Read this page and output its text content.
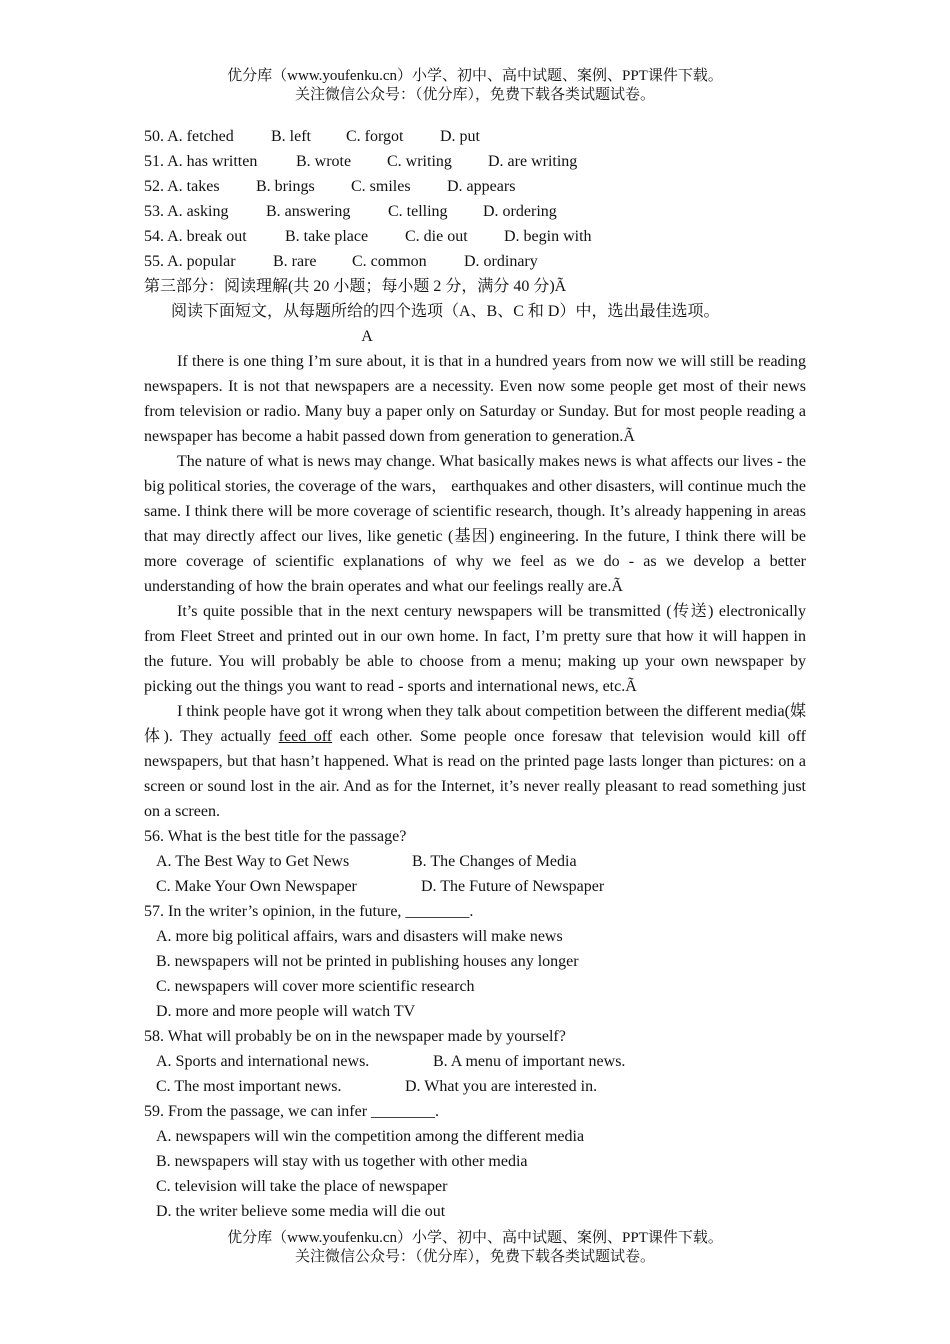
优分库（www.youfenku.cn）小学、初中、高中试题、案例、PPT课件下载。
关注微信公众号：（优分库），免费下载各类试题试卷。
50. A. fetched B. left C. forgot D. put
51. A. has written B. wrote C. writing D. are writing
52. A. takes B. brings C. smiles D. appears
53. A. asking B. answering C. telling D. ordering
54. A. break out B. take place C. die out D. begin with
55. A. popular B. rare C. common D. ordinary
第三部分：阅读理解(共 20 小题；每小题 2 分，满分 40 分)Ã
阅读下面短文，从每题所给的四个选项（A、B、C 和 D）中，选出最佳选项。
A

If there is one thing I’m sure about, it is that in a hundred years from now we will still be reading newspapers. It is not that newspapers are a necessity. Even now some people get most of their news from television or radio. Many buy a paper only on Saturday or Sunday. But for most people reading a newspaper has become a habit passed down from generation to generation.Ã

The nature of what is news may change. What basically makes news is what affects our lives - the big political stories, the coverage of the wars， earthquakes and other disasters, will continue much the same. I think there will be more coverage of scientific research, though. It’s already happening in areas that may directly affect our lives, like genetic (基因) engineering. In the future, I think there will be more coverage of scientific explanations of why we feel as we do - as we develop a better understanding of how the brain operates and what our feelings really are.Ã

It’s quite possible that in the next century newspapers will be transmitted (传送) electronically from Fleet Street and printed out in our own home. In fact, I’m pretty sure that how it will happen in the future. You will probably be able to choose from a menu; making up your own newspaper by picking out the things you want to read - sports and international news, etc.Ã

I think people have got it wrong when they talk about competition between the different media(媒体). They actually feed off each other. Some people once foresaw that television would kill off newspapers, but that hasn’t happened. What is read on the printed page lasts longer than pictures: on a screen or sound lost in the air. And as for the Internet, it’s never really pleasant to read something just on a screen.

56. What is the best title for the passage?
A. The Best Way to Get News	B. The Changes of Media
C. Make Your Own Newspaper	D. The Future of Newspaper
57. In the writer’s opinion, in the future, ________.
A. more big political affairs, wars and disasters will make news
B. newspapers will not be printed in publishing houses any longer
C. newspapers will cover more scientific research
D. more and more people will watch TV
58. What will probably be on in the newspaper made by yourself?
A. Sports and international news.	B. A menu of important news.
C. The most important news.	D. What you are interested in.
59. From the passage, we can infer ________.
A. newspapers will win the competition among the different media
B. newspapers will stay with us together with other media
C. television will take the place of newspaper
D. the writer believe some media will die out
优分库（www.youfenku.cn）小学、初中、高中试题、案例、PPT课件下载。
关注微信公众号：（优分库），免费下载各类试题试卷。
